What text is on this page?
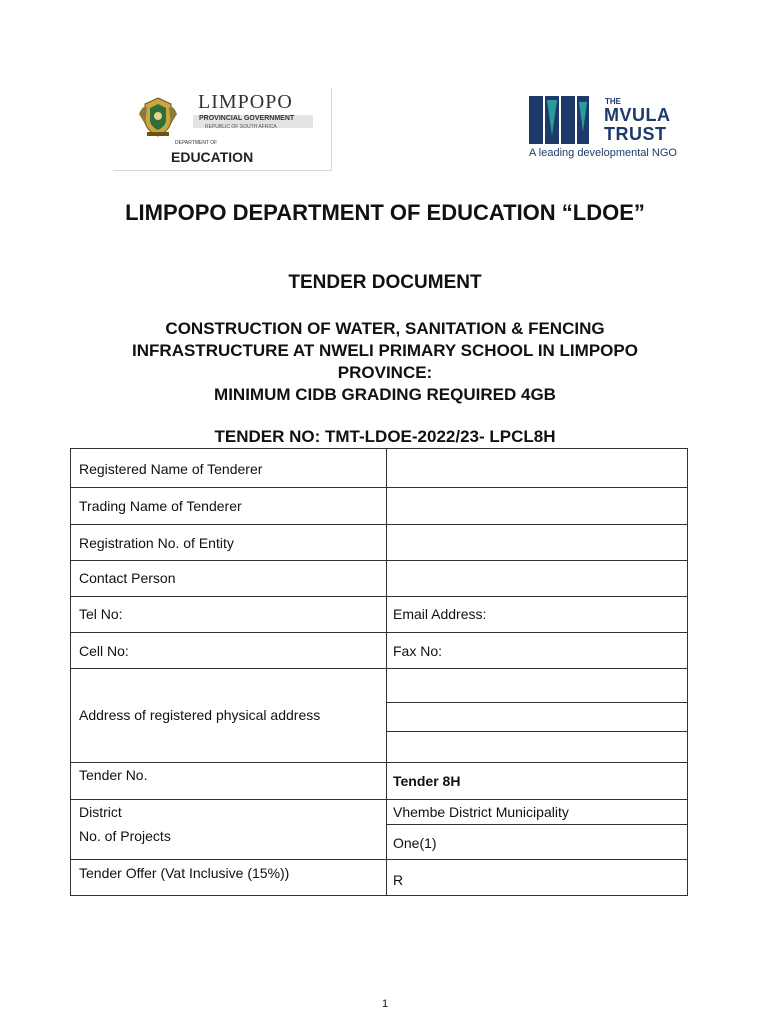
LIMPOPO
PROVINCIAL GOVERNMENT
REPUBLIC OF SOUTH AFRICA
DEPARTMENT OF
EDUCATION
THE
MVULA
TRUST
A leading developmental NGO
LIMPOPO DEPARTMENT OF EDUCATION “LDOE”
TENDER DOCUMENT
CONSTRUCTION OF WATER, SANITATION & FENCING
INFRASTRUCTURE AT NWELI PRIMARY SCHOOL IN LIMPOPO
PROVINCE:
MINIMUM CIDB GRADING REQUIRED 4GB
TENDER NO: TMT-LDOE-2022/23- LPCL8H
Registered Name of Tenderer
Trading Name of Tenderer
Registration No. of Entity
Contact Person
Tel No:	Email Address:
Cell No:	Fax No:
Address of registered physical address
Tender No.	Tender 8H
District	Vhembe District Municipality
No. of Projects	One(1)
Tender Offer (Vat Inclusive (15%))	R
1
